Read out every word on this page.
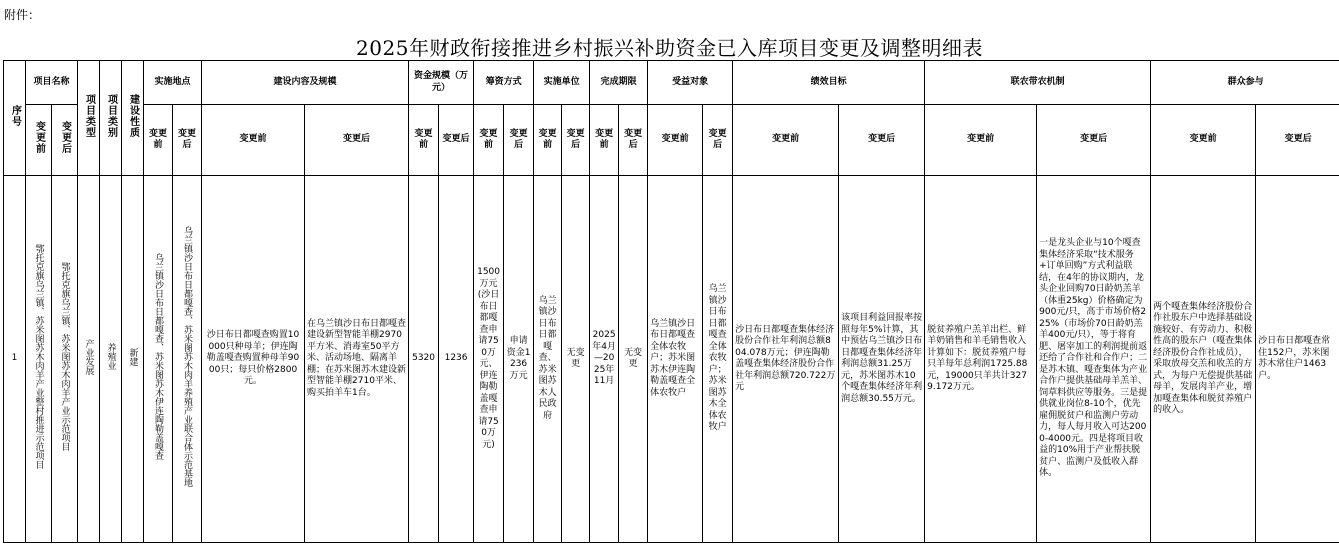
附件：
2025年财政衔接推进乡村振兴补助资金已入库项目变更及调整明细表
序号	项目名称		项目类型	项目类别	建设性质	实施地点		建设内容及规模		资金规模（万元）		筹资方式		实施单位		完成期限		受益对象		绩效目标		联农带农机制		群众参与	
	变更前	变更后				变更前	变更后	变更前	变更后	变更前	变更后	变更前	变更后	变更前	变更后	变更前	变更后	变更前	变更后	变更前	变更后	变更前	变更后	变更前	变更后
1	鄂托克旗乌兰镇、苏米图苏木肉羊产业整村推进示范项目	鄂托克旗乌兰镇、苏米图苏木肉羊产业示范项目	产业发展	养殖业	新建	乌兰镇沙日布日都嘎查、苏米图苏木伊连陶勒盖嘎查	乌兰镇沙日布日都嘎查、苏米图苏木肉羊养殖产业联合体示范基地	沙日布日都嘎查购置10000只种母羊；伊连陶勒盖嘎查购置种母羊9000只；每只价格2800元。	在乌兰镇沙日布日都嘎查建设新型智能羊棚2970平方米、消毒室50平方米、活动场地、隔离羊棚；在苏米图苏木建设新型智能羊棚2710平米、购买拍羊车1台。	5320	1236	1500万元(沙日布日都嘎查申请750万元、伊连陶勒盖嘎查申请750万元)	申请资金1236万元	乌兰镇沙日布日都嘎查、苏米图苏木人民政府	无变更	2025年4月—2025年11月	无变更	乌兰镇沙日布日都嘎查全体农牧户；苏米图苏木伊连陶勒盖嘎查全体农牧户	乌兰镇沙日布日都嘎查全体农牧户；苏米图苏木全体农牧户	沙日布日都嘎查集体经济股份合作社年利润总额804.078万元；伊连陶勒盖嘎查集体经济股份合作社年利润总额720.722万元	该项目利益回报率按照每年5%计算，其中预估乌兰镇沙日布日都嘎查集体经济年利润总额31.25万元，苏米图苏木10个嘎查集体经济年利润总额30.55万元。	脱贫养殖户羔羊出栏、鲜羊奶销售和羊毛销售收入计算如下：脱贫养殖户每只羊每年总利润1725.88元，19000只羊共计3279.172万元。	一是龙头企业与10个嘎查集体经济采取“技术服务+订单回购”方式利益联结，在4年的协议期内，龙头企业回购70日龄奶羔羊（体重25kg）价格确定为900元/只，高于市场价格225%（市场价70日龄奶羔羊400元/只），等于将育肥、屠宰加工的利润提前返还给了合作社和合作户；二是苏木镇、嘎查集体为产业合作户提供基础母羊羔羊、饲草料供应等服务。三是提供就业岗位8-10个，优先雇佣脱贫户和监测户劳动力，每人每月收入可达2000-4000元。四是将项目收益的10%用于产业帮扶脱贫户、监测户及低收入群体。	两个嘎查集体经济股份合作社股东户中选择基础设施较好、有劳动力、积极性高的股东户（嘎查集体经济股份合作社成员），采取放母交羔和收羔的方式，为每户无偿提供基础母羊，发展肉羊产业，增加嘎查集体和脱贫养殖户的收入。	沙日布日都嘎查常住152户，苏米图苏木常住户1463户。
